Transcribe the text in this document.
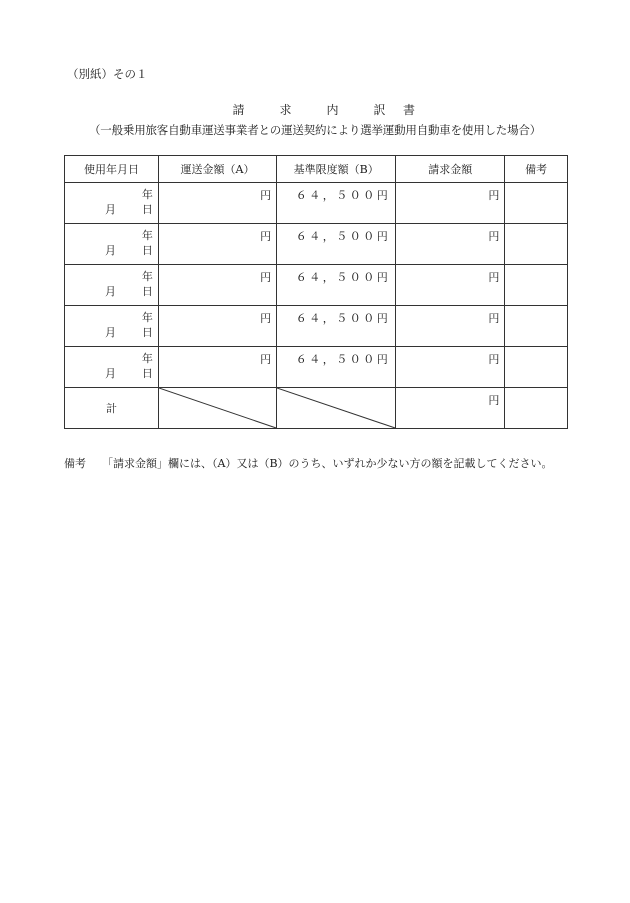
（別紙）その１
請	求	内	訳	書
（一般乗用旅客自動車運送事業者との運送契約により選挙運動用自動車を使用した場合）
使用年月日	運送金額（A）	基準限度額（B）	請求金額	備考

年
月 日	円	６４，５００円	円	

年
月 日	円	６４，５００円	円	

年
月 日	円	６４，５００円	円	

年
月 日	円	６４，５００円	円	

年
月 日	円	６４，５００円	円	

計			円	

備考 「請求金額」欄には、（A）又は（B）のうち、いずれか少ない方の額を記載してください。
